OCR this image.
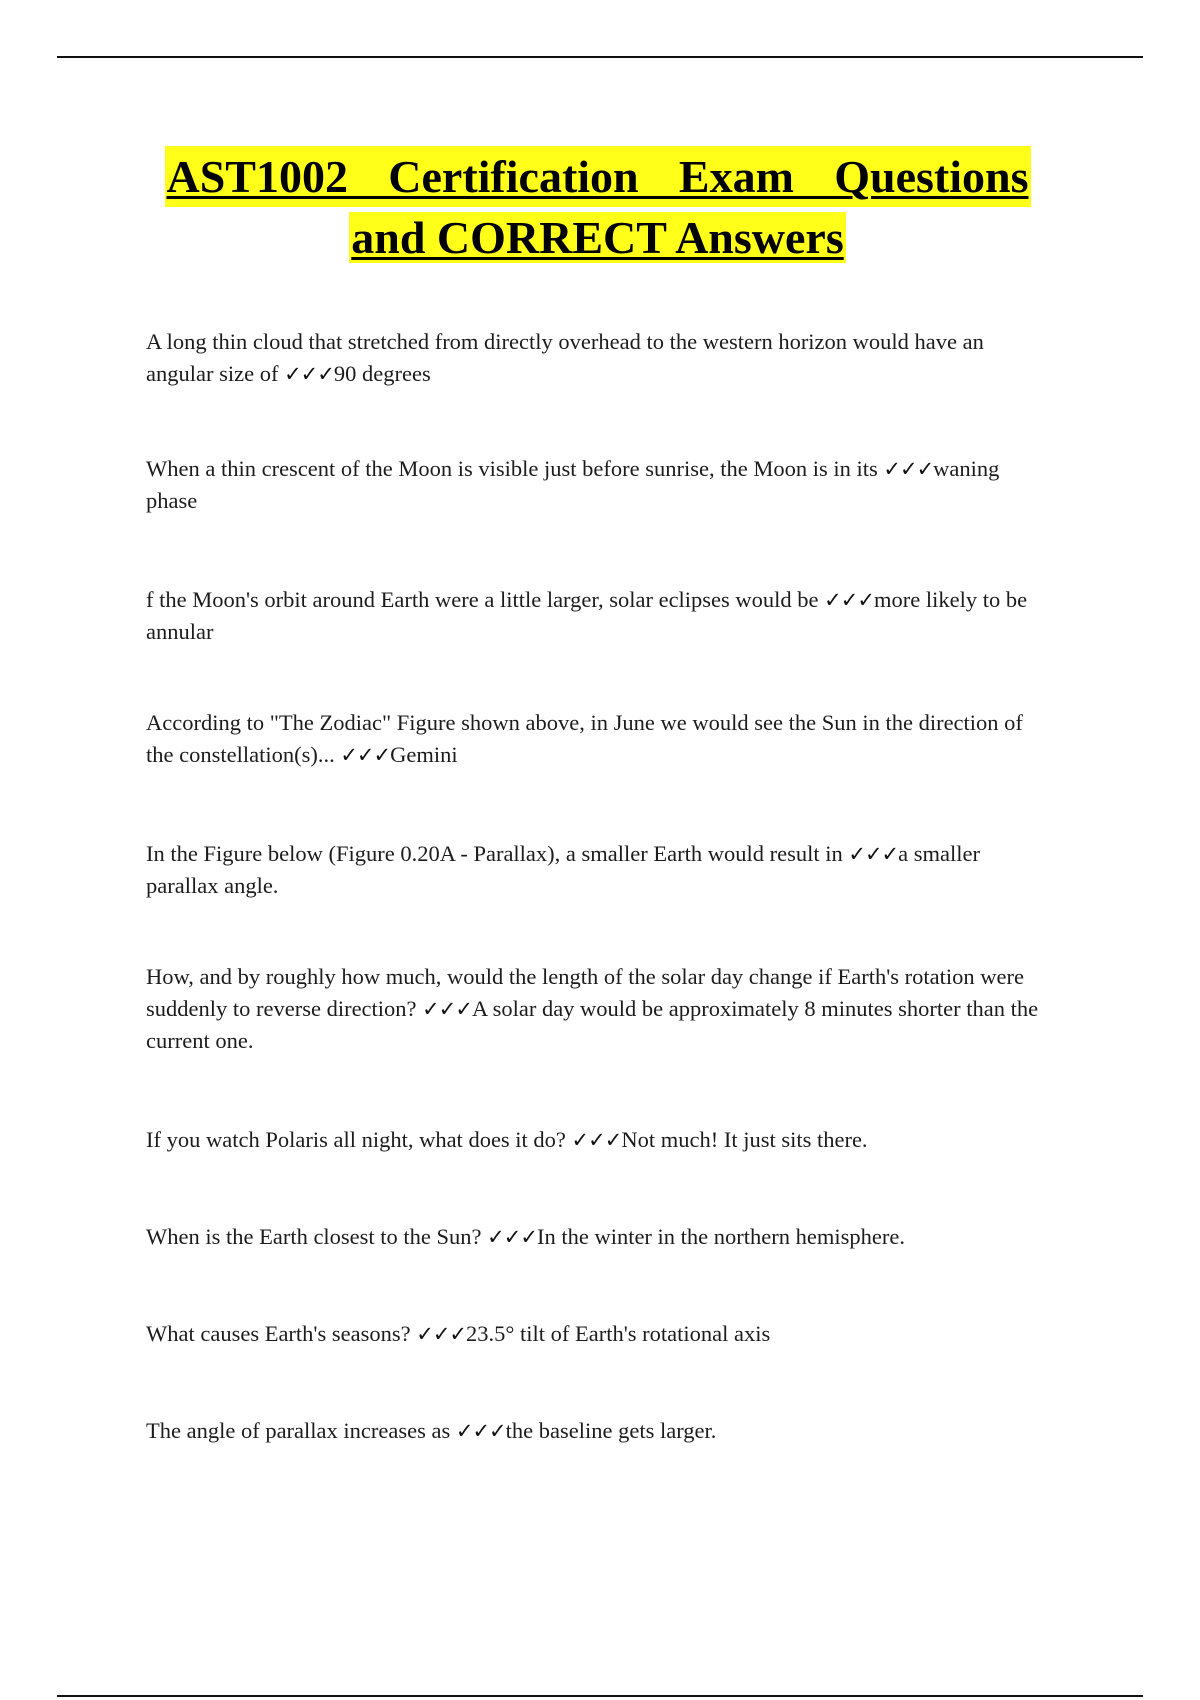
AST1002 Certification Exam Questions
and CORRECT Answers
A long thin cloud that stretched from directly overhead to the western horizon would have an angular size of ✓✓✓90 degrees
When a thin crescent of the Moon is visible just before sunrise, the Moon is in its ✓✓✓waning phase
f the Moon's orbit around Earth were a little larger, solar eclipses would be ✓✓✓more likely to be annular
According to "The Zodiac" Figure shown above, in June we would see the Sun in the direction of the constellation(s)... ✓✓✓Gemini
In the Figure below (Figure 0.20A - Parallax), a smaller Earth would result in ✓✓✓a smaller parallax angle.
How, and by roughly how much, would the length of the solar day change if Earth's rotation were suddenly to reverse direction? ✓✓✓A solar day would be approximately 8 minutes shorter than the current one.
If you watch Polaris all night, what does it do? ✓✓✓Not much! It just sits there.
When is the Earth closest to the Sun? ✓✓✓In the winter in the northern hemisphere.
What causes Earth's seasons? ✓✓✓23.5° tilt of Earth's rotational axis
The angle of parallax increases as ✓✓✓the baseline gets larger.
